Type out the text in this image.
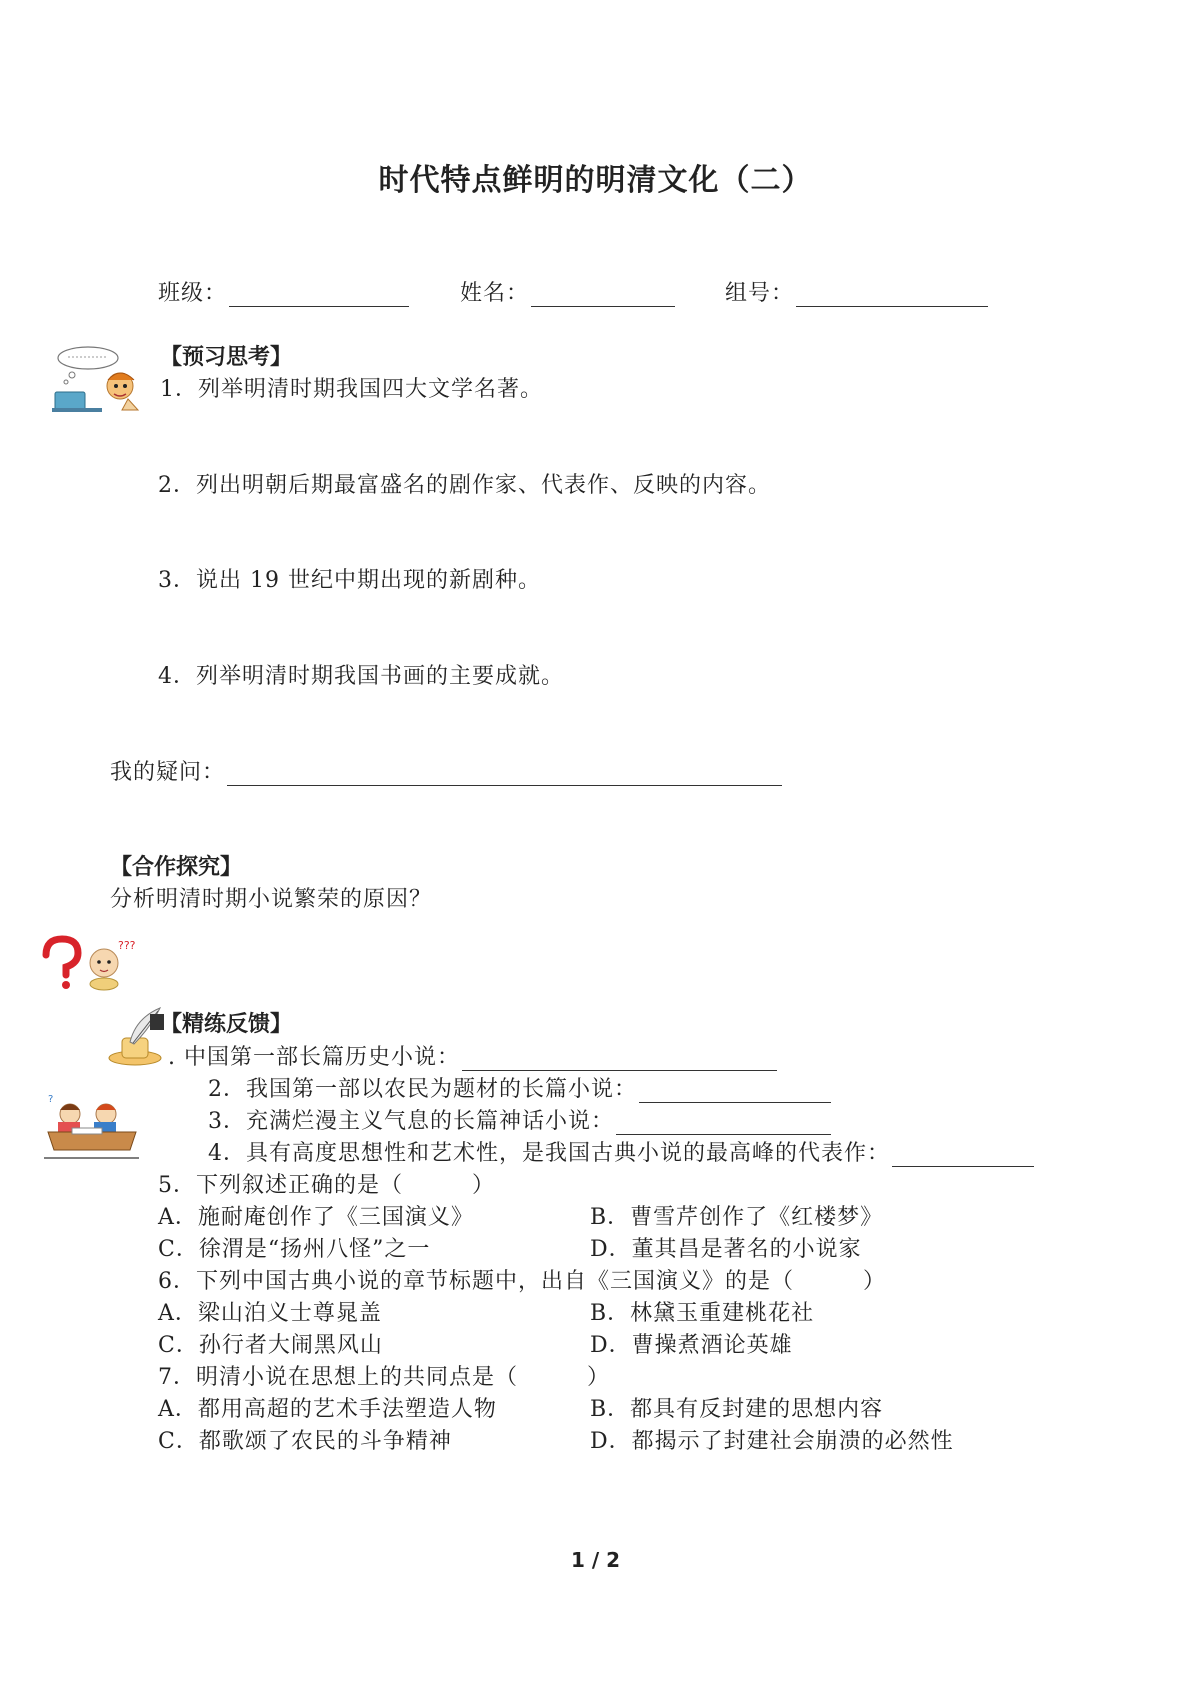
时代特点鲜明的明清文化（二）
班级：	姓名：	组号：
【预习思考】
1．列举明清时期我国四大文学名著。
2．列出明朝后期最富盛名的剧作家、代表作、反映的内容。
3．说出 19 世纪中期出现的新剧种。
4．列举明清时期我国书画的主要成就。
我的疑问：
【合作探究】
分析明清时期小说繁荣的原因？
???
?
【精练反馈】
. 中国第一部长篇历史小说：
2．我国第一部以农民为题材的长篇小说：
3．充满烂漫主义气息的长篇神话小说：
4．具有高度思想性和艺术性，是我国古典小说的最高峰的代表作：
5．下列叙述正确的是（　　　）
A．施耐庵创作了《三国演义》	B．曹雪芹创作了《红楼梦》
C．徐渭是“扬州八怪”之一	D．董其昌是著名的小说家
6．下列中国古典小说的章节标题中，出自《三国演义》的是（　　　）
A．梁山泊义士尊晁盖	B．林黛玉重建桃花社
C．孙行者大闹黑风山	D．曹操煮酒论英雄
7．明清小说在思想上的共同点是（　　　）
A．都用高超的艺术手法塑造人物	B．都具有反封建的思想内容
C．都歌颂了农民的斗争精神	D．都揭示了封建社会崩溃的必然性
1 / 2
